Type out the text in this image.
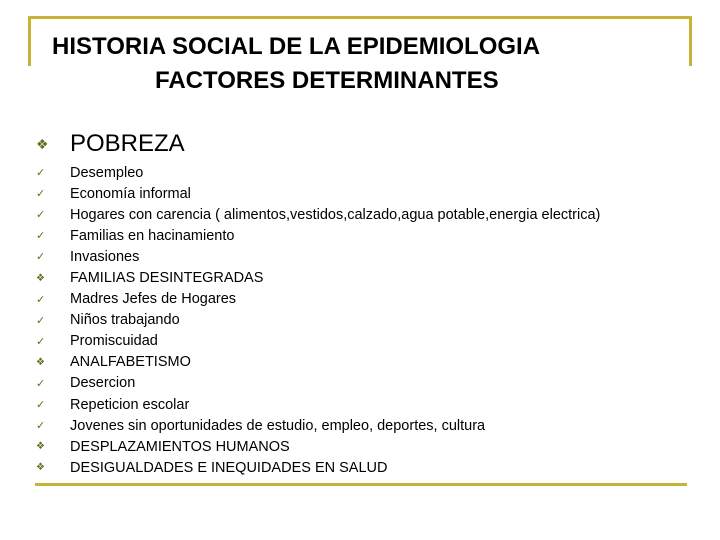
HISTORIA SOCIAL DE LA EPIDEMIOLOGIA
FACTORES DETERMINANTES
❖ POBREZA
✓	Desempleo
✓	Economía informal
✓	Hogares con carencia ( alimentos,vestidos,calzado,agua potable,energia electrica)
✓	Familias en hacinamiento
✓	Invasiones
❖	FAMILIAS DESINTEGRADAS
✓	Madres Jefes de Hogares
✓	Niños trabajando
✓	Promiscuidad
❖	ANALFABETISMO
✓	Desercion
✓	Repeticion escolar
✓	Jovenes sin oportunidades de estudio, empleo, deportes, cultura
❖	DESPLAZAMIENTOS HUMANOS
❖	DESIGUALDADES E INEQUIDADES EN SALUD
